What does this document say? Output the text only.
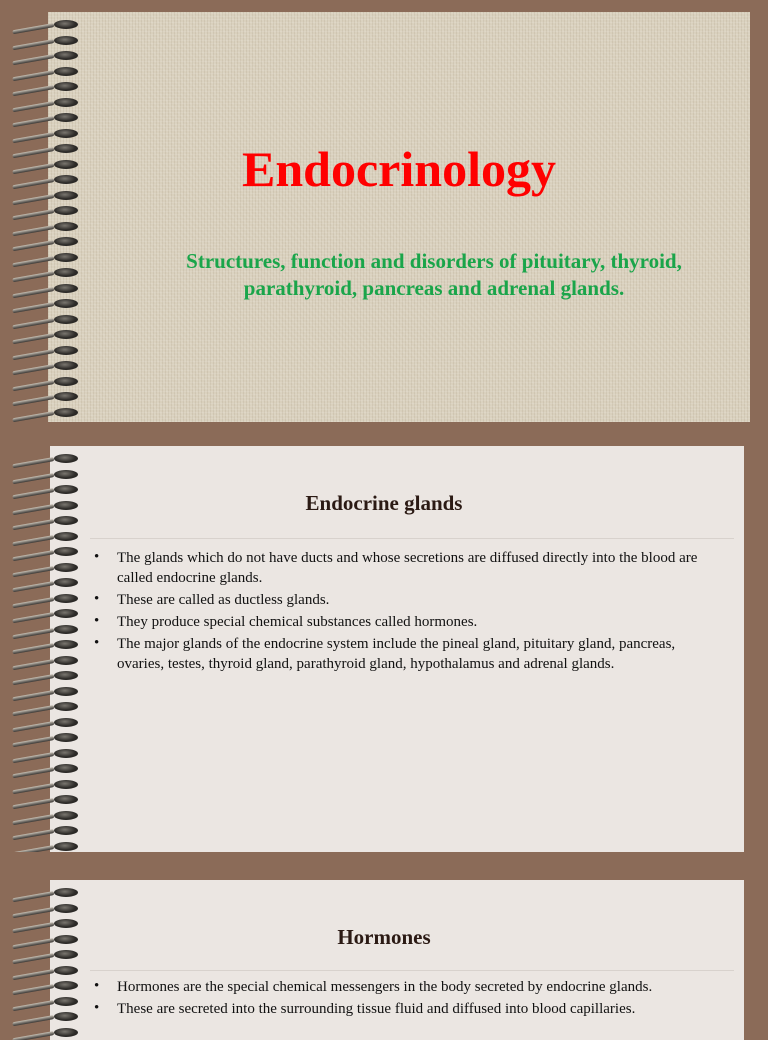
Endocrinology

Structures, function and disorders of pituitary, thyroid, parathyroid, pancreas and adrenal glands.

Endocrine glands
• The glands which do not have ducts and whose secretions are diffused directly into the blood are called endocrine glands.
• These are called as ductless glands.
• They produce special chemical substances called hormones.
• The major glands of the endocrine system include the pineal gland, pituitary gland, pancreas, ovaries, testes, thyroid gland, parathyroid gland, hypothalamus and adrenal glands.
Hormones
• Hormones are the special chemical messengers in the body secreted by endocrine glands.
• These are secreted into the surrounding tissue fluid and diffused into blood capillaries.
